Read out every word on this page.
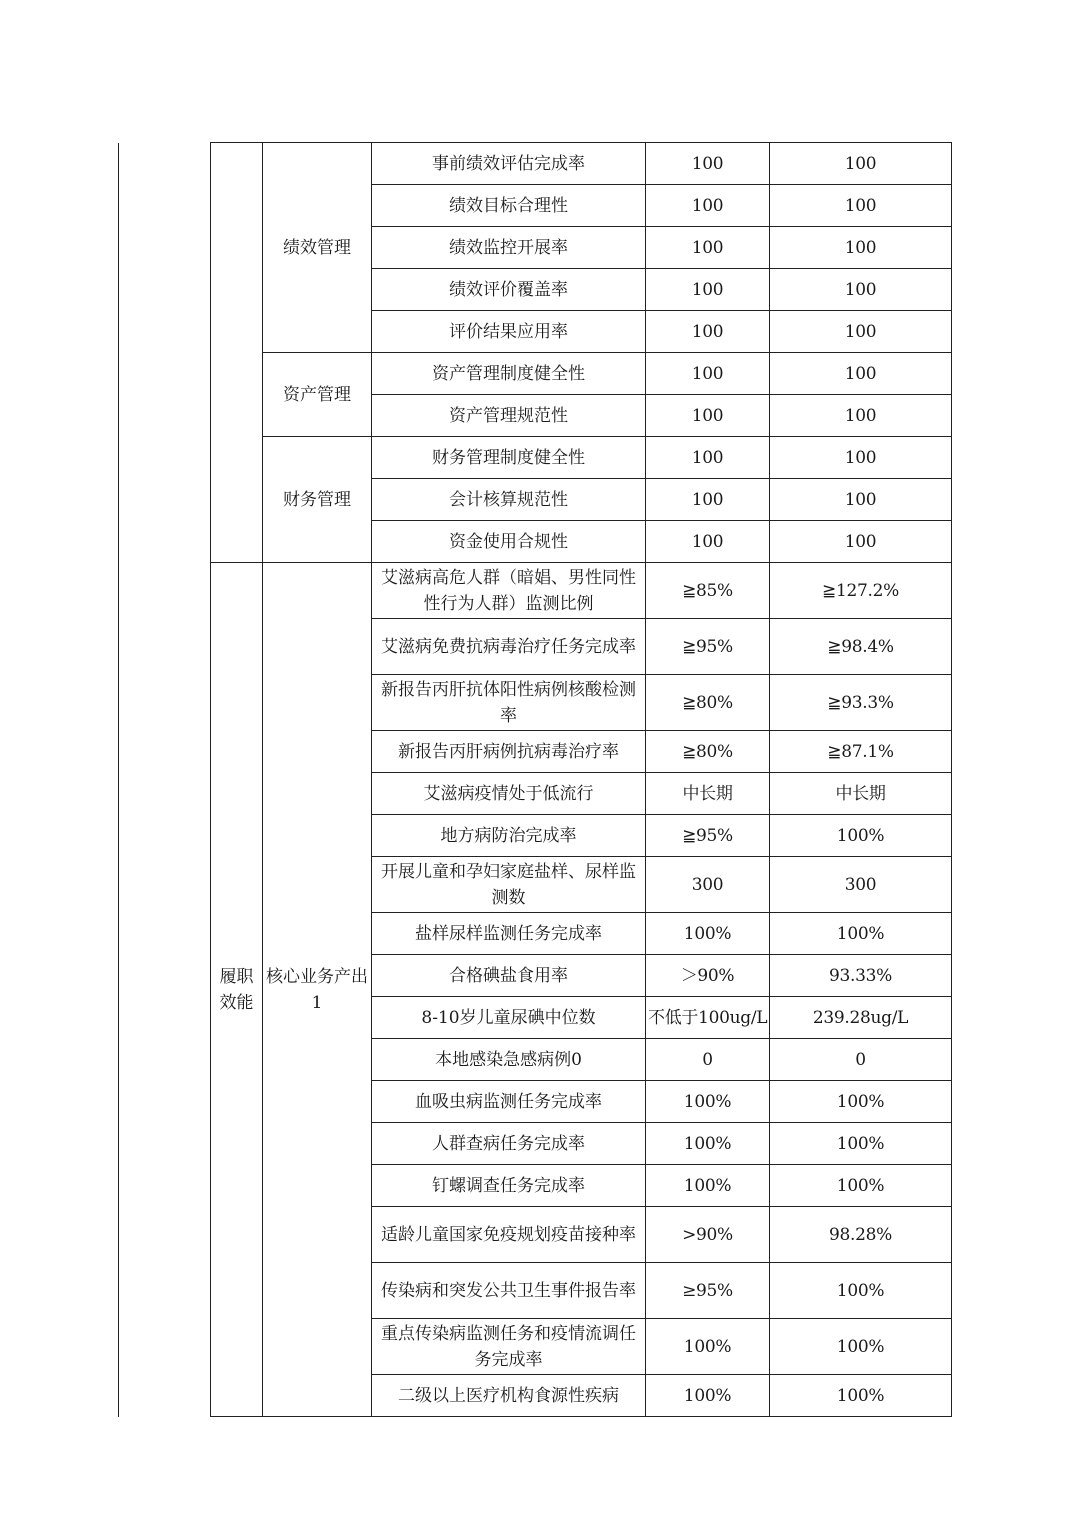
		绩效管理	事前绩效评估完成率	100	100
			绩效目标合理性	100	100
			绩效监控开展率	100	100
			绩效评价覆盖率	100	100
			评价结果应用率	100	100
		资产管理	资产管理制度健全性	100	100
			资产管理规范性	100	100
		财务管理	财务管理制度健全性	100	100
			会计核算规范性	100	100
			资金使用合规性	100	100
	履职效能	核心业务产出1	艾滋病高危人群（暗娼、男性同性性行为人群）监测比例	≧85%	≧127.2%
			艾滋病免费抗病毒治疗任务完成率	≧95%	≧98.4%
			新报告丙肝抗体阳性病例核酸检测率	≧80%	≧93.3%
			新报告丙肝病例抗病毒治疗率	≧80%	≧87.1%
			艾滋病疫情处于低流行	中长期	中长期
			地方病防治完成率	≧95%	100%
			开展儿童和孕妇家庭盐样、尿样监测数	300	300
			盐样尿样监测任务完成率	100%	100%
			合格碘盐食用率	＞90%	93.33%
			8-10岁儿童尿碘中位数	不低于100ug/L	239.28ug/L
			本地感染急感病例0	0	0
			血吸虫病监测任务完成率	100%	100%
			人群查病任务完成率	100%	100%
			钉螺调查任务完成率	100%	100%
			适龄儿童国家免疫规划疫苗接种率	>90%	98.28%
			传染病和突发公共卫生事件报告率	≥95%	100%
			重点传染病监测任务和疫情流调任务完成率	100%	100%
			二级以上医疗机构食源性疾病	100%	100%
